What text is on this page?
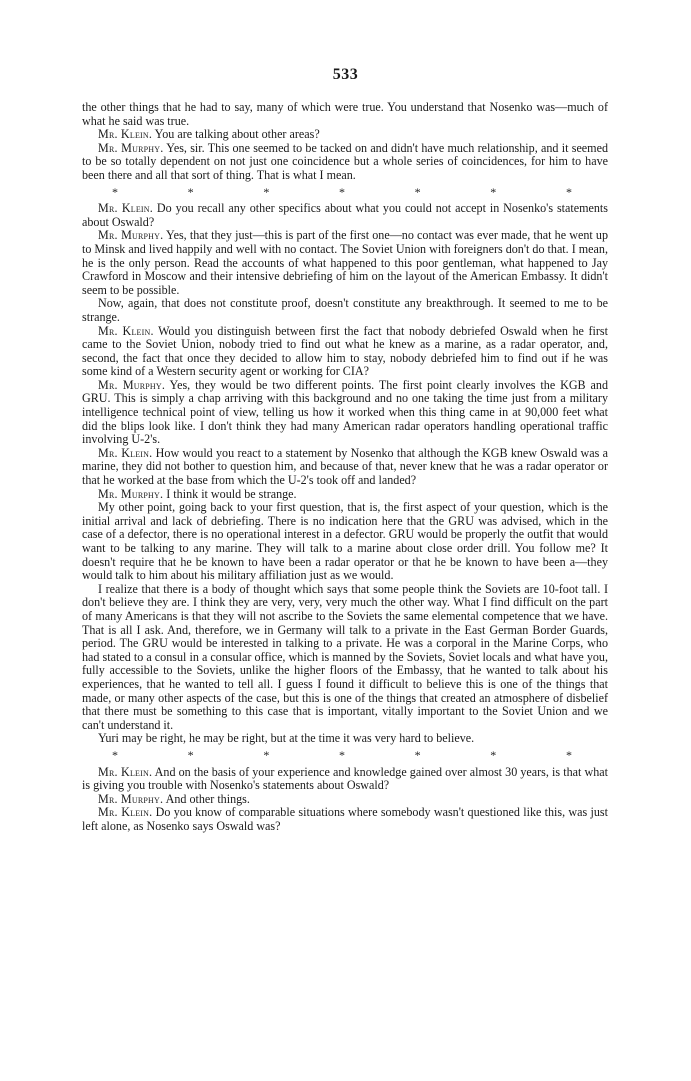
533

the other things that he had to say, many of which were true. You understand that Nosenko was—much of what he said was true.

Mr. Klein. You are talking about other areas?

Mr. Murphy. Yes, sir. This one seemed to be tacked on and didn't have much relationship, and it seemed to be so totally dependent on not just one coincidence but a whole series of coincidences, for him to have been there and all that sort of thing. That is what I mean.

*	*	*	*	*	*	*

Mr. Klein. Do you recall any other specifics about what you could not accept in Nosenko's statements about Oswald?

Mr. Murphy. Yes, that they just—this is part of the first one—no contact was ever made, that he went up to Minsk and lived happily and well with no contact. The Soviet Union with foreigners don't do that. I mean, he is the only person. Read the accounts of what happened to this poor gentleman, what happened to Jay Crawford in Moscow and their intensive debriefing of him on the layout of the American Embassy. It didn't seem to be possible.

Now, again, that does not constitute proof, doesn't constitute any breakthrough. It seemed to me to be strange.

Mr. Klein. Would you distinguish between first the fact that nobody debriefed Oswald when he first came to the Soviet Union, nobody tried to find out what he knew as a marine, as a radar operator, and, second, the fact that once they decided to allow him to stay, nobody debriefed him to find out if he was some kind of a Western security agent or working for CIA?

Mr. Murphy. Yes, they would be two different points. The first point clearly involves the KGB and GRU. This is simply a chap arriving with this background and no one taking the time just from a military intelligence technical point of view, telling us how it worked when this thing came in at 90,000 feet what did the blips look like. I don't think they had many American radar operators handling operational traffic involving U-2's.

Mr. Klein. How would you react to a statement by Nosenko that although the KGB knew Oswald was a marine, they did not bother to question him, and because of that, never knew that he was a radar operator or that he worked at the base from which the U-2's took off and landed?

Mr. Murphy. I think it would be strange.

My other point, going back to your first question, that is, the first aspect of your question, which is the initial arrival and lack of debriefing. There is no indication here that the GRU was advised, which in the case of a defector, there is no operational interest in a defector. GRU would be properly the outfit that would want to be talking to any marine. They will talk to a marine about close order drill. You follow me? It doesn't require that he be known to have been a radar operator or that he be known to have been a—they would talk to him about his military affiliation just as we would.

I realize that there is a body of thought which says that some people think the Soviets are 10-foot tall. I don't believe they are. I think they are very, very, very much the other way. What I find difficult on the part of many Americans is that they will not ascribe to the Soviets the same elemental competence that we have. That is all I ask. And, therefore, we in Germany will talk to a private in the East German Border Guards, period. The GRU would be interested in talking to a private. He was a corporal in the Marine Corps, who had stated to a consul in a consular office, which is manned by the Soviets, Soviet locals and what have you, fully accessible to the Soviets, unlike the higher floors of the Embassy, that he wanted to talk about his experiences, that he wanted to tell all. I guess I found it difficult to believe this is one of the things that made, or many other aspects of the case, but this is one of the things that created an atmosphere of disbelief that there must be something to this case that is important, vitally important to the Soviet Union and we can't understand it.

Yuri may be right, he may be right, but at the time it was very hard to believe.

*	*	*	*	*	*	*

Mr. Klein. And on the basis of your experience and knowledge gained over almost 30 years, is that what is giving you trouble with Nosenko's statements about Oswald?

Mr. Murphy. And other things.

Mr. Klein. Do you know of comparable situations where somebody wasn't questioned like this, was just left alone, as Nosenko says Oswald was?
